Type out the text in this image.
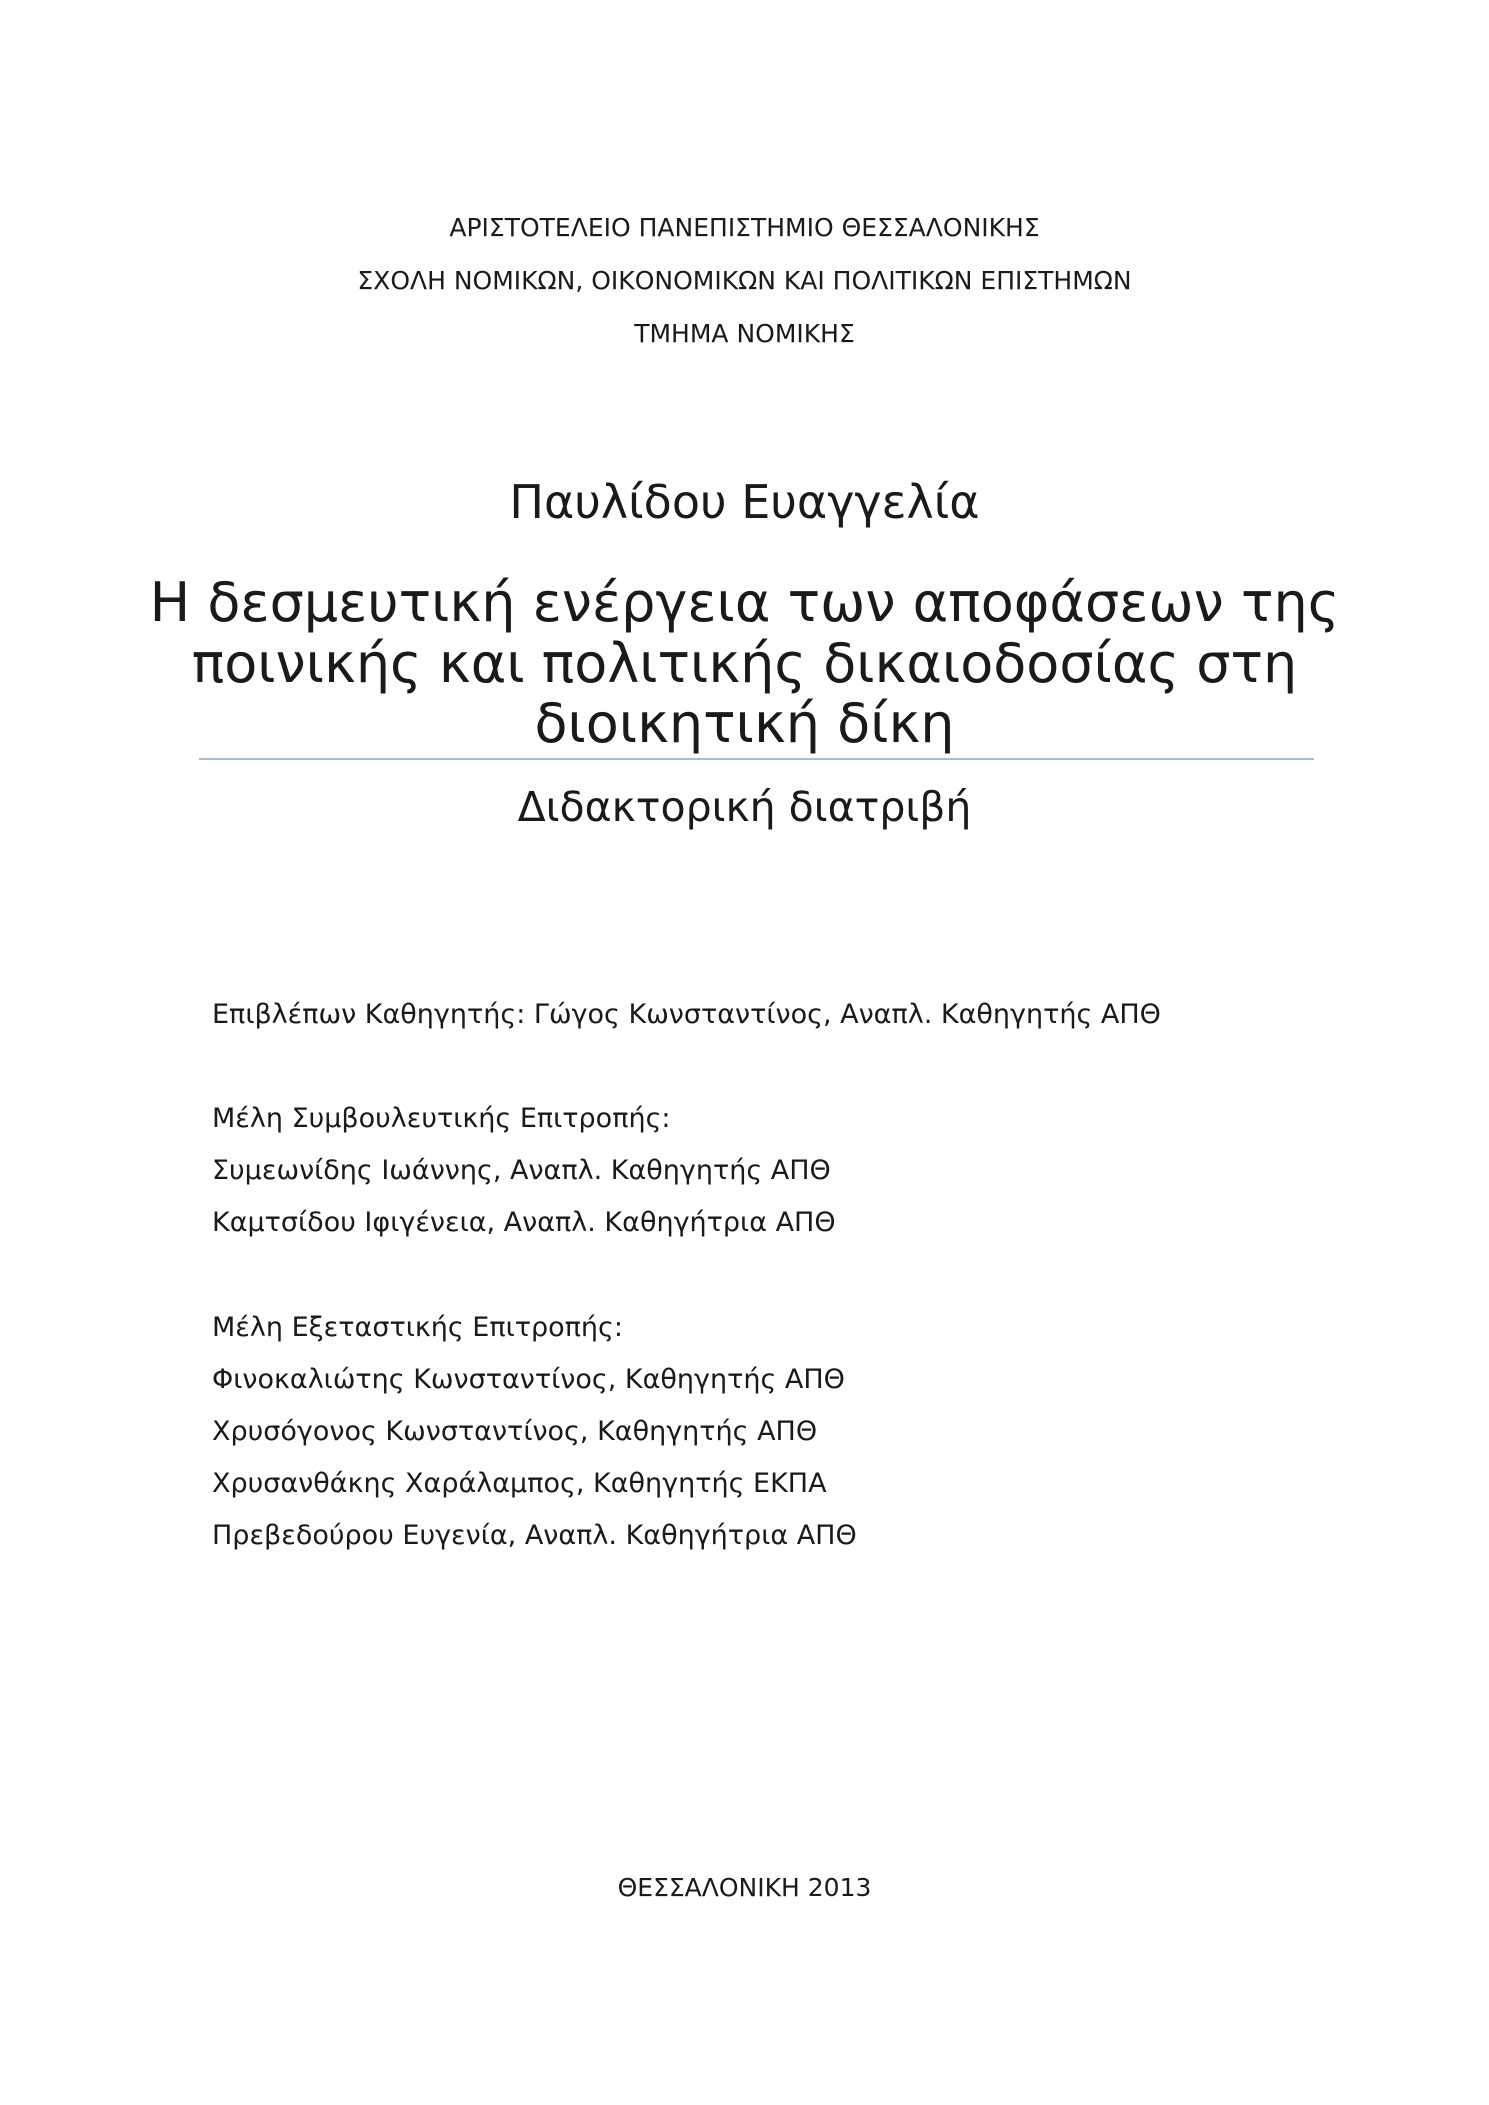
ΑΡΙΣΤΟΤΕΛΕΙΟ ΠΑΝΕΠΙΣΤΗΜΙΟ ΘΕΣΣΑΛΟΝΙΚΗΣ
ΣΧΟΛΗ ΝΟΜΙΚΩΝ, ΟΙΚΟΝΟΜΙΚΩΝ ΚΑΙ ΠΟΛΙΤΙΚΩΝ ΕΠΙΣΤΗΜΩΝ
ΤΜΗΜΑ ΝΟΜΙΚΗΣ
Παυλίδου Ευαγγελία
Η δεσμευτική ενέργεια των αποφάσεων της
ποινικής και πολιτικής δικαιοδοσίας στη
διοικητική δίκη
Διδακτορική διατριβή
Επιβλέπων Καθηγητής: Γώγος Κωνσταντίνος, Αναπλ. Καθηγητής ΑΠΘ
Μέλη Συμβουλευτικής Επιτροπής:
Συμεωνίδης Ιωάννης, Αναπλ. Καθηγητής ΑΠΘ
Καμτσίδου Ιφιγένεια, Αναπλ. Καθηγήτρια ΑΠΘ
Μέλη Εξεταστικής Επιτροπής:
Φινοκαλιώτης Κωνσταντίνος, Καθηγητής ΑΠΘ
Χρυσόγονος Κωνσταντίνος, Καθηγητής ΑΠΘ
Χρυσανθάκης Χαράλαμπος, Καθηγητής ΕΚΠΑ
Πρεβεδούρου Ευγενία, Αναπλ. Καθηγήτρια ΑΠΘ
ΘΕΣΣΑΛΟΝΙΚΗ 2013
